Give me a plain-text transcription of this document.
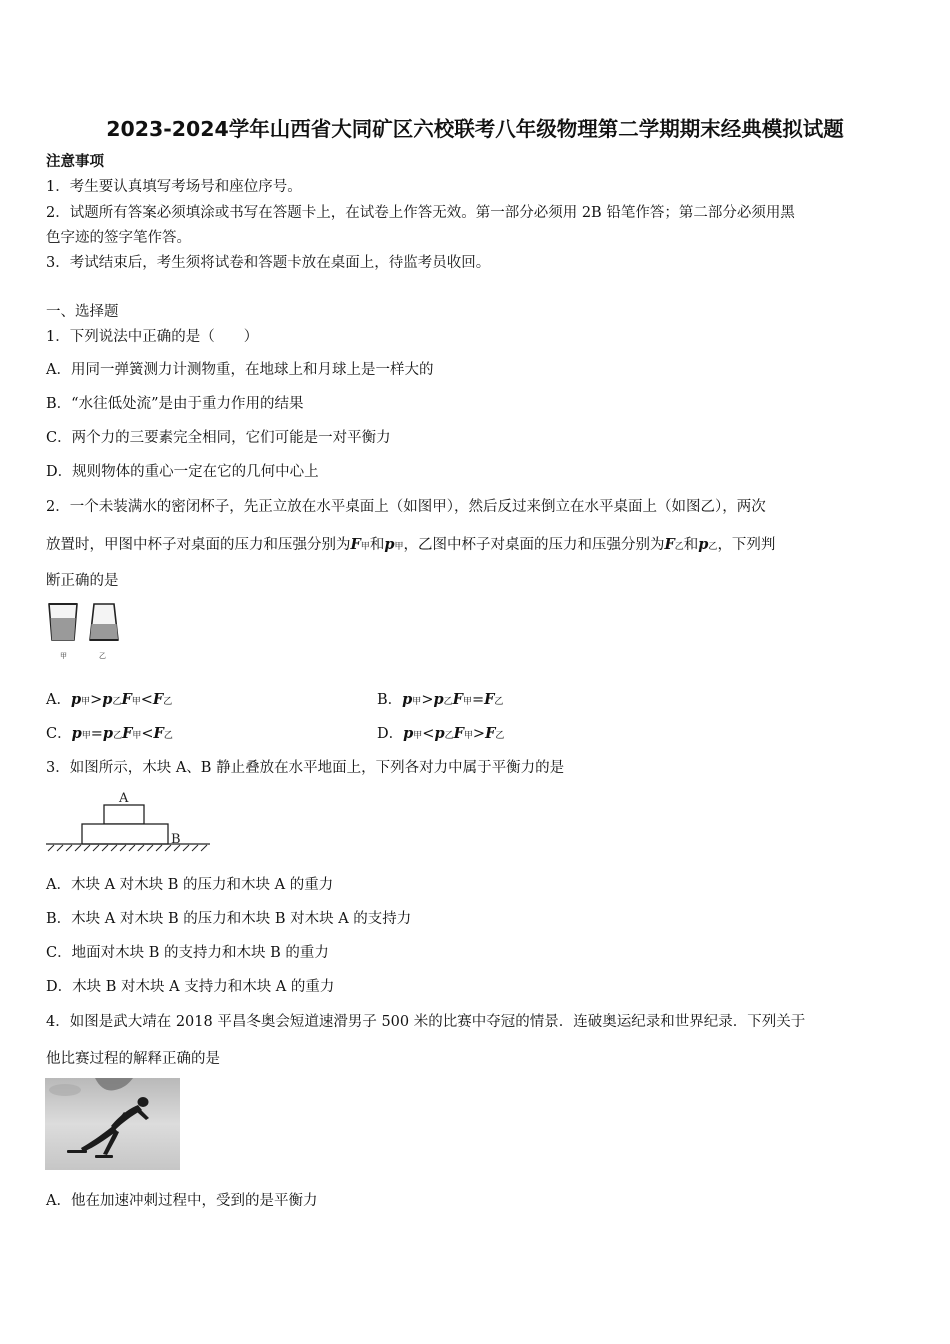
2023-2024学年山西省大同矿区六校联考八年级物理第二学期期末经典模拟试题
注意事项
1．考生要认真填写考场号和座位序号。
2．试题所有答案必须填涂或书写在答题卡上，在试卷上作答无效。第一部分必须用 2B 铅笔作答；第二部分必须用黑
色字迹的签字笔作答。
3．考试结束后，考生须将试卷和答题卡放在桌面上，待监考员收回。
一、选择题
1．下列说法中正确的是（　　）
A．用同一弹簧测力计测物重，在地球上和月球上是一样大的
B．“水往低处流”是由于重力作用的结果
C．两个力的三要素完全相同，它们可能是一对平衡力
D．规则物体的重心一定在它的几何中心上
2．一个未装满水的密闭杯子，先正立放在水平桌面上（如图甲），然后反过来倒立在水平桌面上（如图乙），两次
放置时，甲图中杯子对桌面的压力和压强分别为F甲和p甲，乙图中杯子对桌面的压力和压强分别为F乙和p乙，下列判
断正确的是
甲	乙
A．p甲>p乙F甲<F乙	B．p甲>p乙F甲=F乙
C．p甲=p乙F甲<F乙	D．p甲<p乙F甲>F乙
3．如图所示，木块 A、B 静止叠放在水平地面上，下列各对力中属于平衡力的是
A
B
A．木块 A 对木块 B 的压力和木块 A 的重力
B．木块 A 对木块 B 的压力和木块 B 对木块 A 的支持力
C．地面对木块 B 的支持力和木块 B 的重力
D．木块 B 对木块 A 支持力和木块 A 的重力
4．如图是武大靖在 2018 平昌冬奥会短道速滑男子 500 米的比赛中夺冠的情景．连破奥运纪录和世界纪录．下列关于
他比赛过程的解释正确的是
A．他在加速冲刺过程中，受到的是平衡力
